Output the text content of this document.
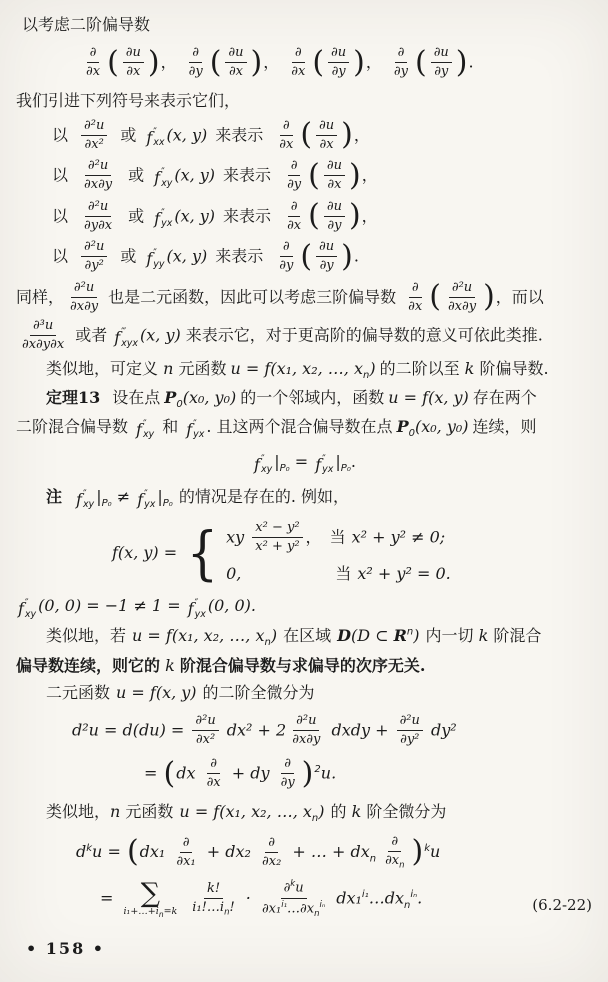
以考虑二阶偏导数
$\frac{\partial}{\partial x}$ ( $\frac{\partial u}{\partial x}$ )， $\frac{\partial}{\partial y}$ ( $\frac{\partial u}{\partial x}$ )， $\frac{\partial}{\partial x}$ ( $\frac{\partial u}{\partial y}$ )， $\frac{\partial}{\partial y}$ ( $\frac{\partial u}{\partial y}$ ).
我们引进下列符号来表示它们，
以 $\frac{\text{∂²u}}{\text{∂x²}}$ 或 f ″
xx (x, y) 来表示 $\frac{\partial}{\partial x}$ ( $\frac{\partial u}{\partial x}$ )，
以 $\frac{\text{∂²u}}{\partial x\partial y}$ 或 f ″
xy (x, y) 来表示 $\frac{\partial}{\partial y}$ ( $\frac{\partial u}{\partial x}$ )，
以 $\frac{\text{∂²u}}{\partial y\partial x}$ 或 f ″
yx (x, y) 来表示 $\frac{\partial}{\partial x}$ ( $\frac{\partial u}{\partial y}$ )，
以 $\frac{\text{∂²u}}{\text{∂y²}}$ 或 f ″
yy (x, y) 来表示 $\frac{\partial}{\partial y}$ ( $\frac{\partial u}{\partial y}$ ).
同样， $\frac{\text{∂²u}}{\partial x\partial y}$ 也是二元函数，因此可以考虑三阶偏导数 $\frac{\partial}{\partial x}$ ( $\frac{\text{∂²u}}{\partial x\partial y}$ )，而以
$\frac{\text{∂³u}}{\partial x\partial y\partial x}$ 或者 f ‴
xyx (x, y) 来表示它，对于更高阶的偏导数的意义可依此类推.
类似地，可定义 n 元函数 u = f(x₁, x₂, …, $x_n$) 的二阶以至 k 阶偏导数.
定理13 设在点 $P_0(x_0$, y₀) 的一个邻域内，函数 u = f(x, y) 存在两个
二阶混合偏导数 f ″
xy 和 f ″
yx . 且这两个混合偏导数在点 $P_0(x_0$, y₀) 连续，则
f ″
xy $|_{P_0} = f$ ″
yx $|_{P_0}$.
注 f ″
xy $|_{P_0} \ne f$ ″
yx $|_{P_0}$ 的情况是存在的. 例如，
f(x, y) = { xy $\frac{\text{x² − y²}}{\text{x² + y²}}$ ， 当 x² + y² ≠ 0;
0,	当 x² + y² = 0.
f ″
xy (0, 0) = −1 ≠ 1 = f ″
yx (0, 0).
类似地，若 u = f(x₁, x₂, …, $x_n$) 在区域 D(D ⊂ $R^n$) 内一切 k 阶混合
偏导数连续，则它的 k 阶混合偏导数与求偏导的次序无关.
二元函数 u = f(x, y) 的二阶全微分为
$d^2u = d(du) = \frac{\text{∂²u}}{\text{∂x²}} dx^2 + 2 \frac{\text{∂²u}}{\partial x\partial y}$ dxdy + $\frac{\text{∂²u}}{\text{∂y²}} dy^2$
= ($dx \frac{\partial}{\partial x}$ + dy $\frac{\partial}{\partial y} )^2u$.
类似地，n 元函数 u = f(x₁, x₂, …, $x_n$) 的 k 阶全微分为
$d^ku = (dx_1 \frac{\partial}{\text{∂x₁}} + dx_2 \frac{\partial}{\text{∂x₂}}$ + … + $dx_n \frac{\partial}{\partial x_n} )^ku$
(6.2-22)
= ∑
$i_1+\dots+i_n=k \frac{k!}{i_1!\dots i_n!} \cdot \frac{\partial^ku}{\partial x_1^{i_1}\dots\partial x_n^{i_n}}$ $dx_1^{i_1}\dots dx_n^{i_n}$.
• 158 •
